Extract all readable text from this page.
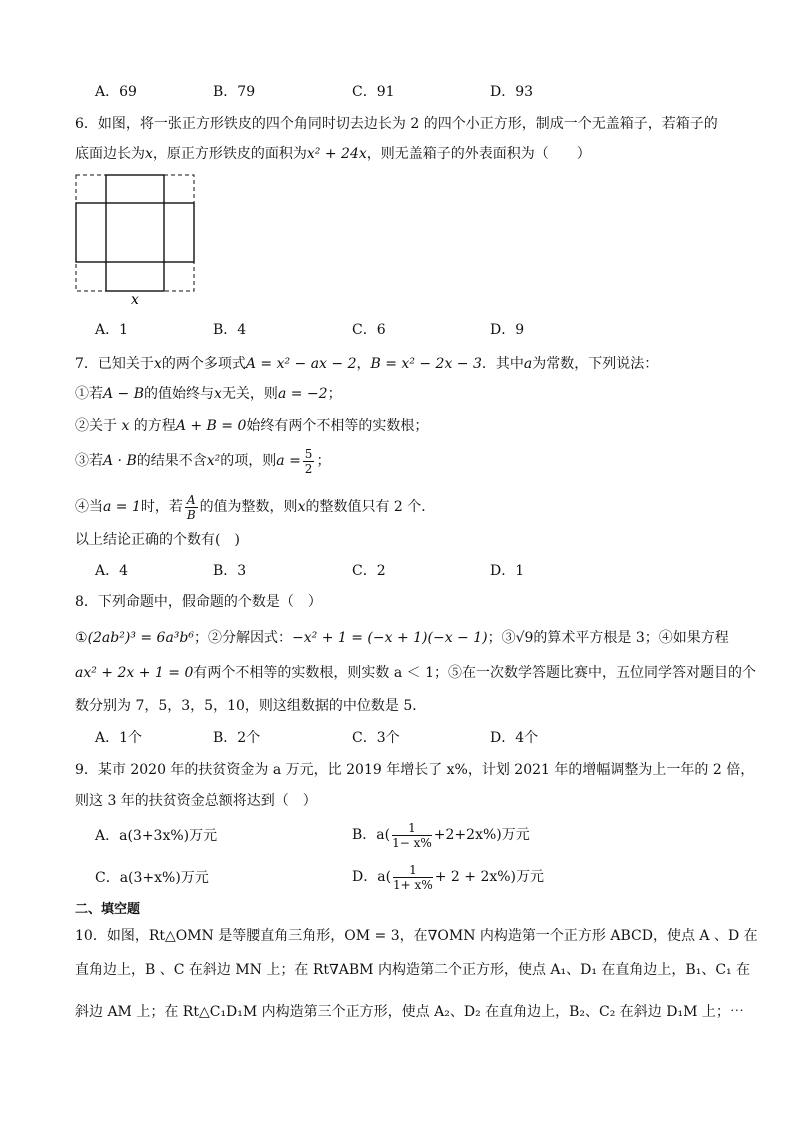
A．69	B．79	C．91	D．93
6．如图，将一张正方形铁皮的四个角同时切去边长为 2 的四个小正方形，制成一个无盖箱子，若箱子的
底面边长为x，原正方形铁皮的面积为x² + 24x，则无盖箱子的外表面积为（　　）
x
A．1	B．4	C．6	D．9
7．已知关于x的两个多项式A = x² − ax − 2，B = x² − 2x − 3．其中a为常数，下列说法：
①若A − B的值始终与x无关，则a = −2；
②关于 x 的方程A + B = 0始终有两个不相等的实数根；
③若A · B的结果不含x²的项，则$a = \frac{5}{2}$ ；
④当a = 1时，若 $\frac{A}{B}$ 的值为整数，则x的整数值只有 2 个．
以上结论正确的个数有(　)
A．4	B．3	C．2	D．1
8．下列命题中，假命题的个数是（　）
①(2ab²)³ = 6a³b⁶；②分解因式：−x² + 1 = (−x + 1)(−x − 1)；③√9的算术平方根是 3；④如果方程
ax² + 2x + 1 = 0有两个不相等的实数根，则实数 a ＜ 1；⑤在一次数学答题比赛中，五位同学答对题目的个
数分别为 7，5，3，5，10，则这组数据的中位数是 5．
A．1个	B．2个	C．3个	D．4个
9．某市 2020 年的扶贫资金为 a 万元，比 2019 年增长了 x%，计划 2021 年的增幅调整为上一年的 2 倍，
则这 3 年的扶贫资金总额将达到（　）
A．a(3+3x%)万元	B．$a( \frac{1}{1- x\%} +2+2x\%)$万元
C．a(3+x%)万元	D．$a( \frac{1}{1+ x\%} + 2 + 2x\%)$万元
二、填空题
10．如图，Rt△OMN 是等腰直角三角形，OM = 3，在∇OMN 内构造第一个正方形 ABCD，使点 A 、D 在
直角边上，B 、C 在斜边 MN 上；在 Rt∇ABM 内构造第二个正方形，使点 A₁、D₁ 在直角边上，B₁、C₁ 在
斜边 AM 上；在 Rt△C₁D₁M 内构造第三个正方形，使点 A₂、D₂ 在直角边上，B₂、C₂ 在斜边 D₁M 上；⋯
